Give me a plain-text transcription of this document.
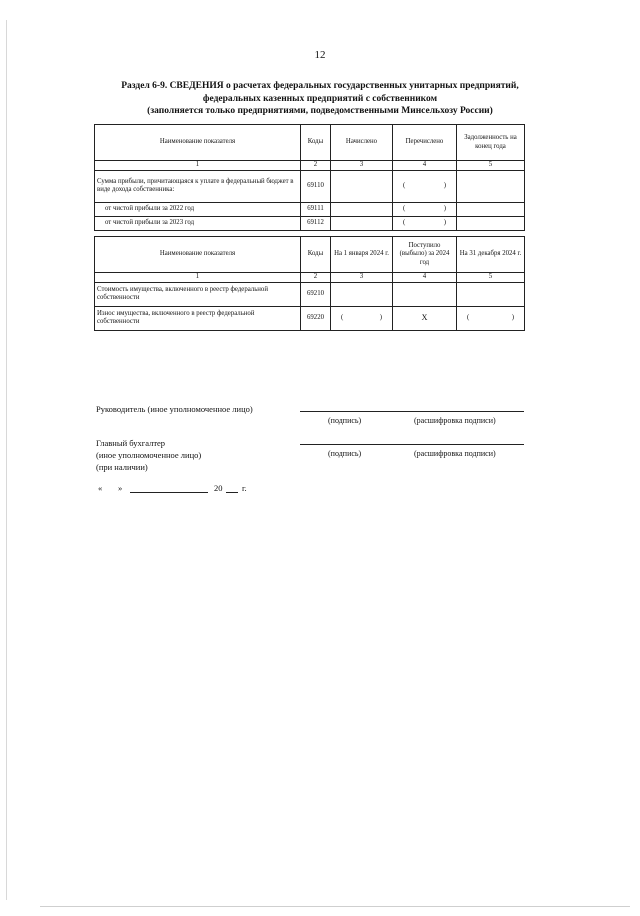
12
Раздел 6-9. СВЕДЕНИЯ о расчетах федеральных государственных унитарных предприятий,
федеральных казенных предприятий с собственником
(заполняется только предприятиями, подведомственными Минсельхозу России)
Наименование показателя	Коды	Начислено	Перечислено	Задолженность на конец года
1	2	3	4	5
Сумма прибыли, причитающаяся к уплате в федеральный бюджет в виде дохода собственника:	69110		( )	

от чистой прибыли за 2022 год	69111		( )	

от чистой прибыли за 2023 год	69112		( )	

Наименование показателя	Коды	На 1 января 2024 г.	Поступило (выбыло) за 2024 год	На 31 декабря 2024 г.
1	2	3	4	5
Стоимость имущества, включенного в реестр федеральной собственности	69210	

Износ имущества, включенного в реестр федеральной собственности	69220	( )	X	( )
Руководитель (иное уполномоченное лицо)
(подпись)	(расшифровка подписи)
Главный бухгалтер
(иное уполномоченное лицо)
(при наличии)
(подпись)	(расшифровка подписи)
« »	20 г.
